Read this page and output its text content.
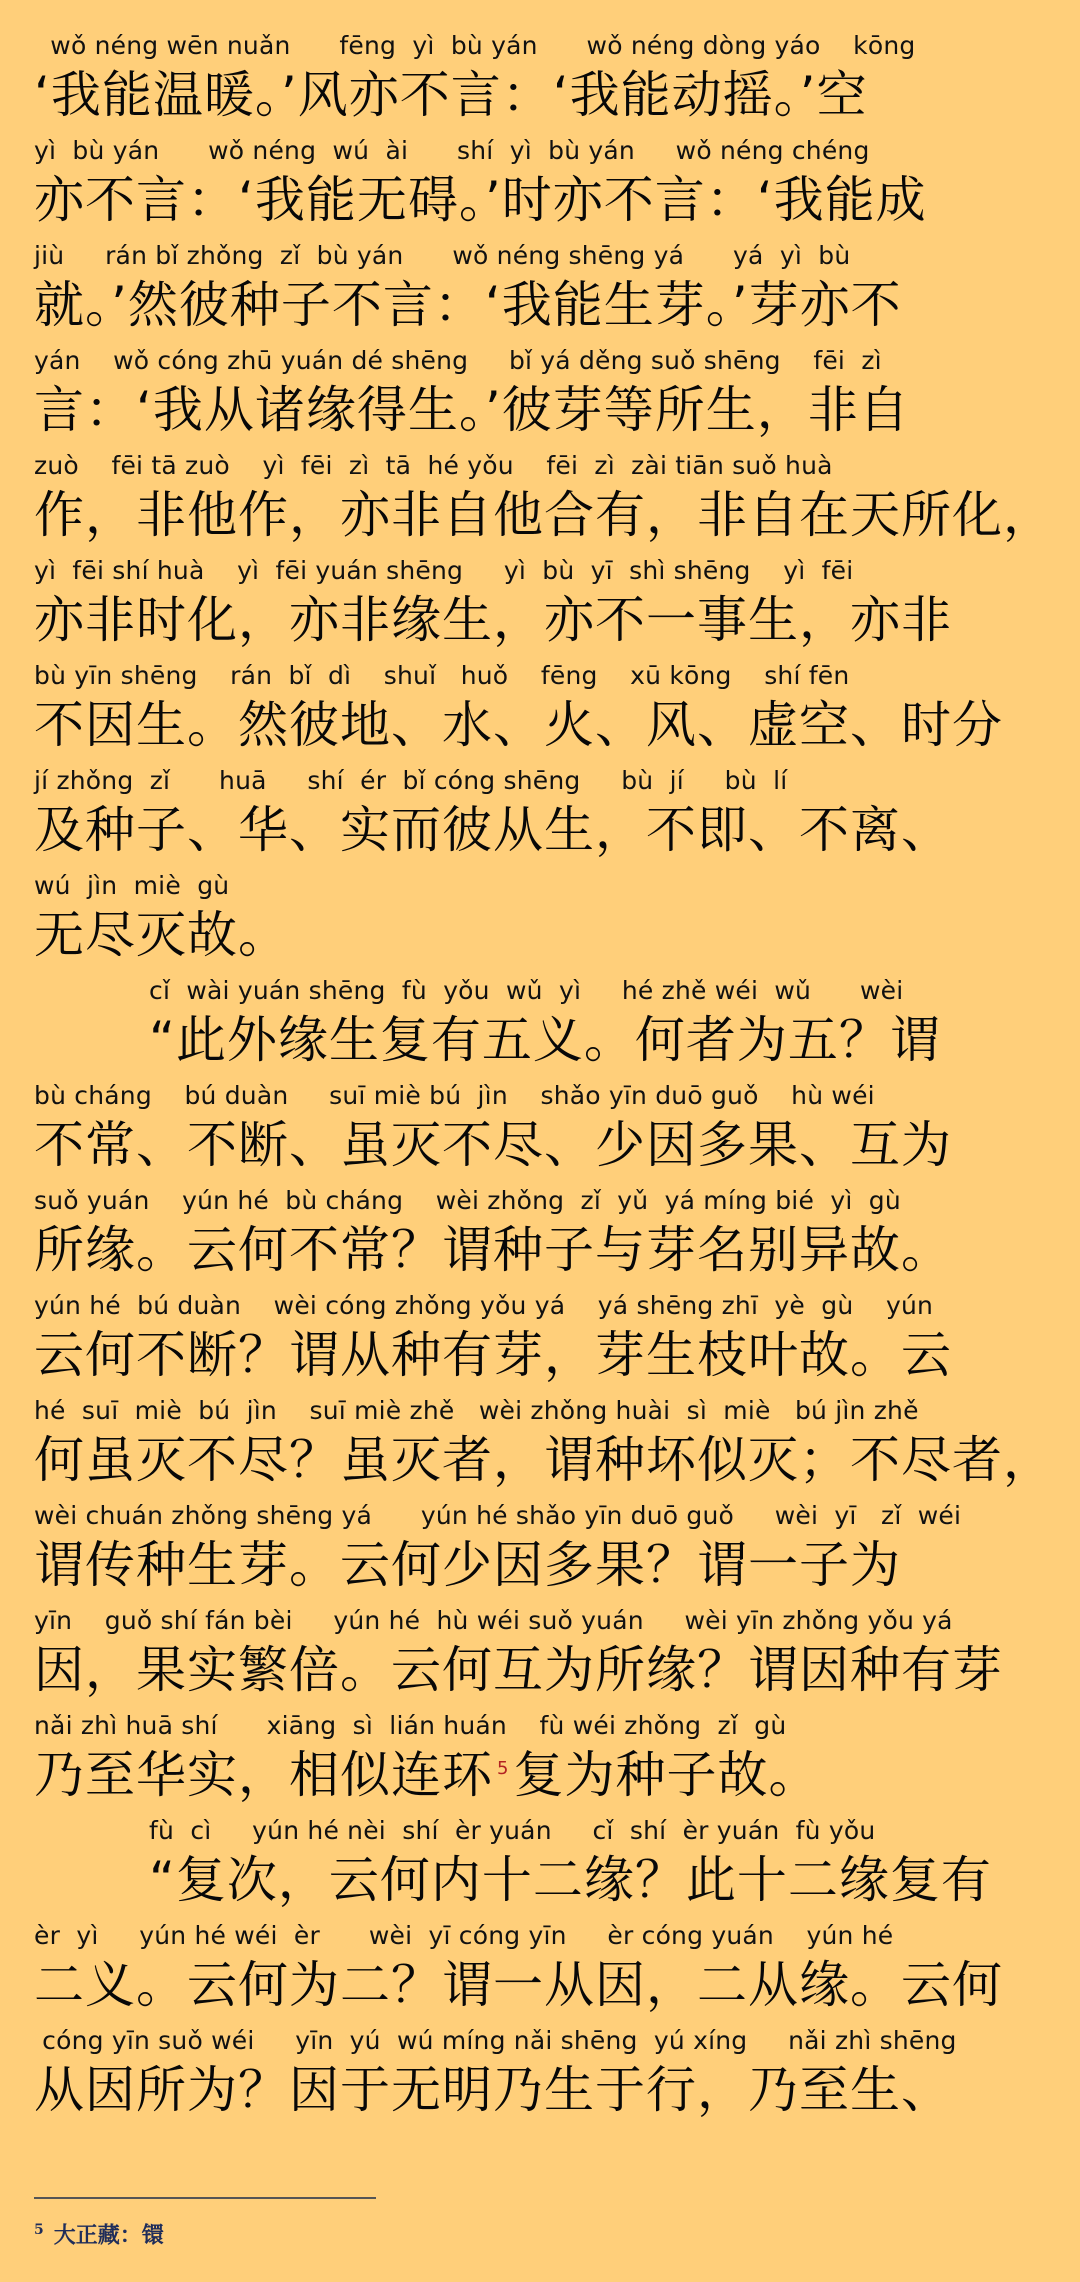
wǒ néng wēn nuǎn      fēng  yì  bù yán      wǒ néng dòng yáo    kōng
‘我能温暖。’风亦不言：‘我能动摇。’空
yì  bù yán      wǒ néng  wú  ài      shí  yì  bù yán     wǒ néng chéng
亦不言：‘我能无碍。’时亦不言：‘我能成
jiù     rán bǐ zhǒng  zǐ  bù yán      wǒ néng shēng yá      yá  yì  bù
就。’然彼种子不言：‘我能生芽。’芽亦不
yán    wǒ cóng zhū yuán dé shēng     bǐ yá děng suǒ shēng    fēi  zì
言：‘我从诸缘得生。’彼芽等所生，非自
zuò    fēi tā zuò    yì  fēi  zì  tā  hé yǒu    fēi  zì  zài tiān suǒ huà
作，非他作，亦非自他合有，非自在天所化，
yì  fēi shí huà    yì  fēi yuán shēng     yì  bù  yī  shì shēng    yì  fēi
亦非时化，亦非缘生，亦不一事生，亦非
bù yīn shēng    rán  bǐ  dì    shuǐ   huǒ    fēng    xū kōng    shí fēn
不因生。然彼地、水、火、风、虚空、时分
jí zhǒng  zǐ      huā     shí  ér  bǐ cóng shēng     bù  jí     bù  lí
及种子、华、实而彼从生，不即、不离、
wú  jìn  miè  gù
无尽灭故。
cǐ  wài yuán shēng  fù  yǒu  wǔ  yì     hé zhě wéi  wǔ      wèi
“此外缘生复有五义。何者为五？谓
bù cháng    bú duàn     suī miè bú  jìn    shǎo yīn duō guǒ    hù wéi
不常、不断、虽灭不尽、少因多果、互为
suǒ yuán    yún hé  bù cháng    wèi zhǒng  zǐ  yǔ  yá míng bié  yì  gù
所缘。云何不常？谓种子与芽名别异故。
yún hé  bú duàn    wèi cóng zhǒng yǒu yá    yá shēng zhī  yè  gù    yún
云何不断？谓从种有芽，芽生枝叶故。云
hé  suī  miè  bú  jìn    suī miè zhě   wèi zhǒng huài  sì  miè   bú jìn zhě
何虽灭不尽？虽灭者，谓种坏似灭；不尽者，
wèi chuán zhǒng shēng yá      yún hé shǎo yīn duō guǒ     wèi  yī   zǐ  wéi
谓传种生芽。云何少因多果？谓一子为
yīn    guǒ shí fán bèi     yún hé  hù wéi suǒ yuán     wèi yīn zhǒng yǒu yá
因，果实繁倍。云何互为所缘？谓因种有芽
nǎi zhì huā shí      xiāng  sì  lián huán    fù wéi zhǒng  zǐ  gù
乃至华实，相似连环 $^5$复为种子故。
fù  cì     yún hé nèi  shí  èr yuán     cǐ  shí  èr yuán  fù yǒu
“复次，云何内十二缘？此十二缘复有
èr  yì     yún hé wéi  èr      wèi  yī cóng yīn     èr cóng yuán    yún hé
二义。云何为二？谓一从因，二从缘。云何
cóng yīn suǒ wéi     yīn  yú  wú míng nǎi shēng  yú xíng     nǎi zhì shēng
从因所为？因于无明乃生于行，乃至生、
$^5$ 大正藏：镮
